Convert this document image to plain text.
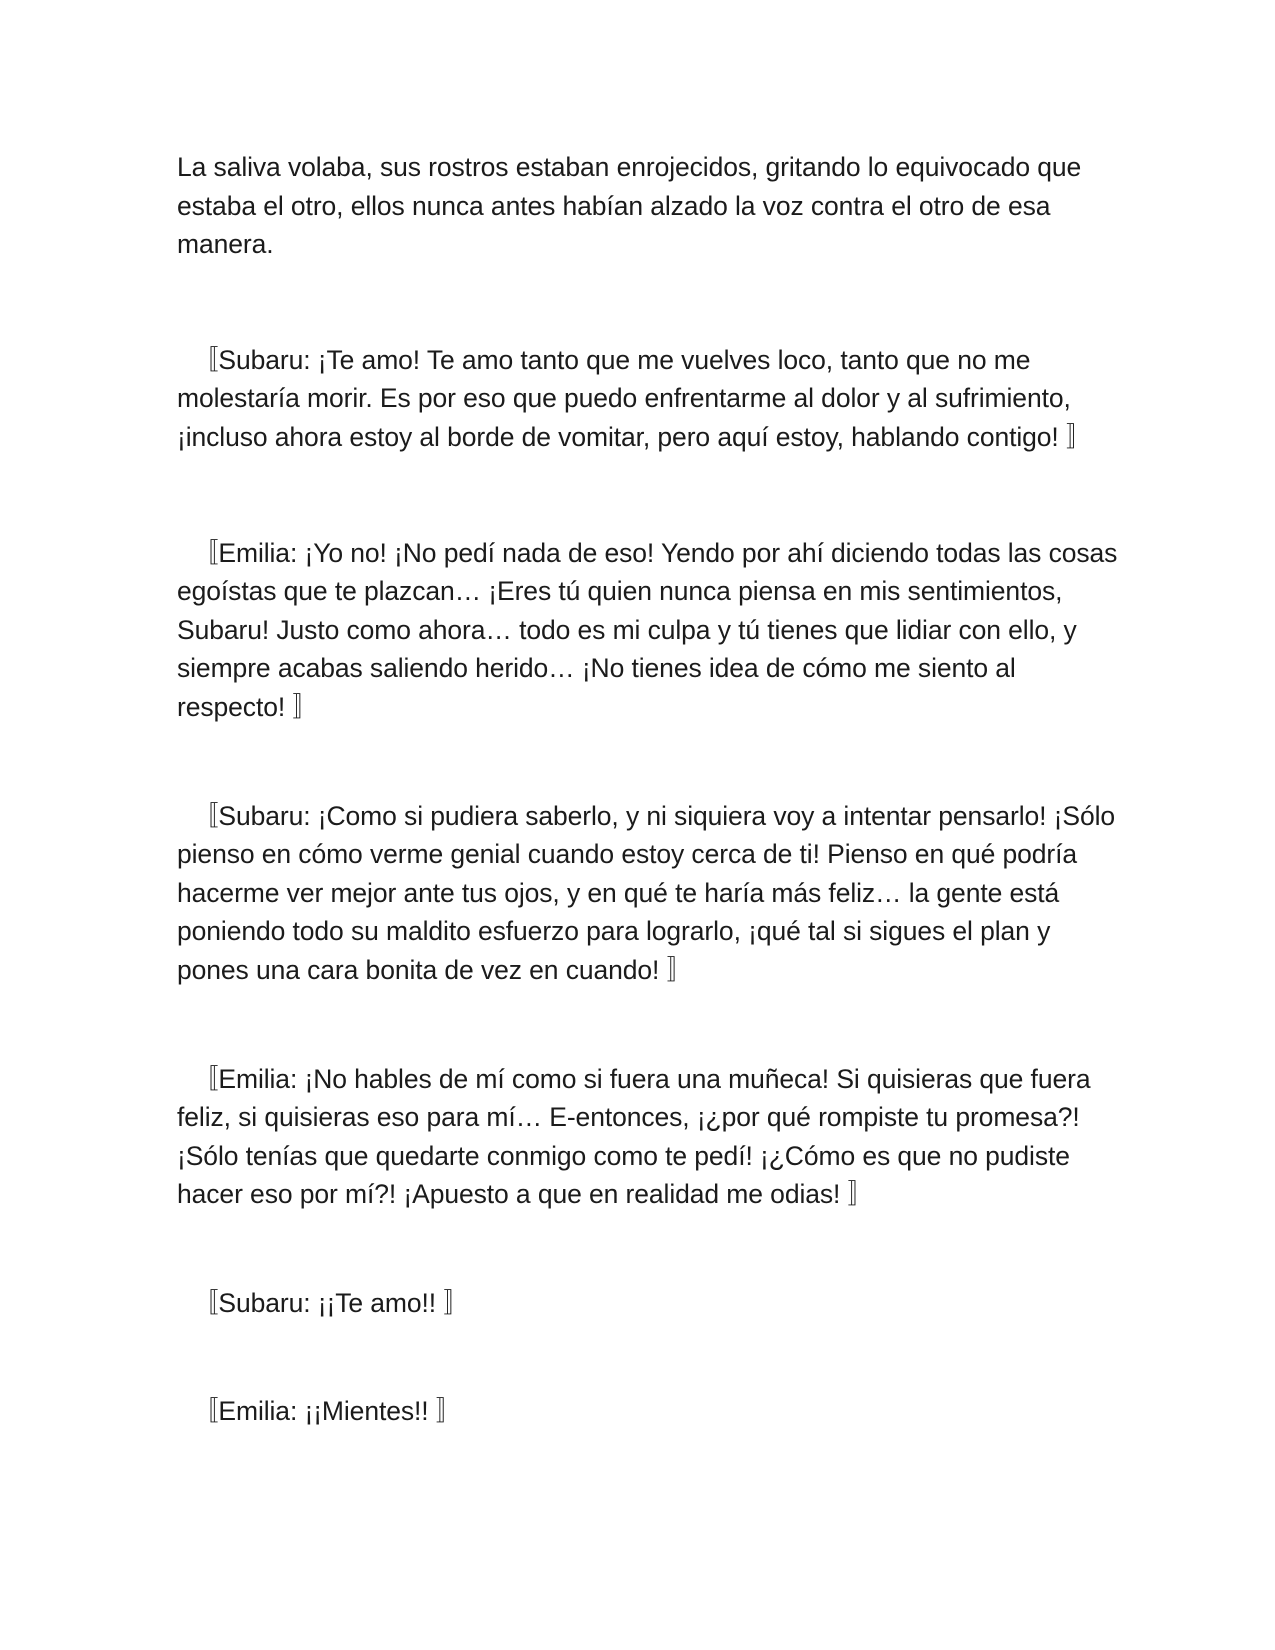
La saliva volaba, sus rostros estaban enrojecidos, gritando lo equivocado que estaba el otro, ellos nunca antes habían alzado la voz contra el otro de esa manera.

〚Subaru: ¡Te amo! Te amo tanto que me vuelves loco, tanto que no me molestaría morir. Es por eso que puedo enfrentarme al dolor y al sufrimiento, ¡incluso ahora estoy al borde de vomitar, pero aquí estoy, hablando contigo! 〛

〚Emilia: ¡Yo no! ¡No pedí nada de eso! Yendo por ahí diciendo todas las cosas egoístas que te plazcan… ¡Eres tú quien nunca piensa en mis sentimientos, Subaru! Justo como ahora… todo es mi culpa y tú tienes que lidiar con ello, y siempre acabas saliendo herido… ¡No tienes idea de cómo me siento al respecto! 〛

〚Subaru: ¡Como si pudiera saberlo, y ni siquiera voy a intentar pensarlo! ¡Sólo pienso en cómo verme genial cuando estoy cerca de ti! Pienso en qué podría hacerme ver mejor ante tus ojos, y en qué te haría más feliz… la gente está poniendo todo su maldito esfuerzo para lograrlo, ¡qué tal si sigues el plan y pones una cara bonita de vez en cuando! 〛

〚Emilia: ¡No hables de mí como si fuera una muñeca! Si quisieras que fuera feliz, si quisieras eso para mí… E-entonces, ¡¿por qué rompiste tu promesa?! ¡Sólo tenías que quedarte conmigo como te pedí! ¡¿Cómo es que no pudiste hacer eso por mí?! ¡Apuesto a que en realidad me odias! 〛

〚Subaru: ¡¡Te amo!! 〛

〚Emilia: ¡¡Mientes!! 〛
